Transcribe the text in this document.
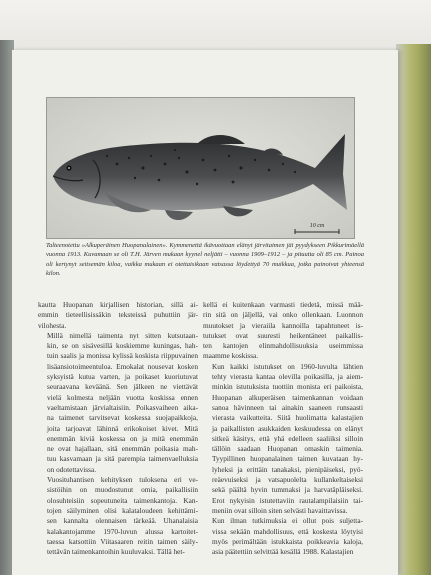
10 cm

Talteenotettu »Alkuperäinen Huopanalainen». Kymmenettä ikävuottaan elänyt järvitaimen jäi pyydykseen Pikkurimäellä vuonna 1913. Kuvamaan se oli T.H. Järven mukaan kyynel neljätti – vuonna 1909–1912 – ja pituutta oli 85 cm. Painoa oli kertynyt seitsemän kiloa, vaikka mukaan ei otettaisikaan vatsassa löydettyä 70 muikkua, jotka painoivat yhteensä kilon.

kautta Huopanan kirjallisen historian, sillä ai-
emmin tieteellisissäkin teksteissä puhuttiin jär-
vilohesta.

Millä nimellä taimenta nyt sitten kutsutaan-
kin, se on sisävesillä koskiemme kuningas, hah-
tuin saalis ja monissa kylissä koskista riippuvainen
lisäansiotoimeentuloa. Emokalat nousevat kosken
syksyistä kutua varten, ja poikaset kuoriutuvat
seuraavana keväänä. Sen jälkeen ne viettävät
vielä kolmesta neljään vuotta koskissa ennen
vaeltamistaan järvialtaisiin. Poikasvaiheen aika-
na taimenet tarvitsevat koskessa suojapaikkoja,
joita tarjoavat lähinnä erikokoiset kivet. Mitä
enemmän kiviä koskessa on ja mitä enemmän
ne ovat hajallaan, sitä enemmän poikasia mah-
tuu kasvamaan ja sitä parempia taimenvaelluksia
on odotettavissa.

Vuosituhantisen kehityksen tuloksena eri ve-
sistöihin on muodostunut omia, paikallisiin
olosuhteisiin sopeutuneita taimenkantoja. Kan-
tojen säilyminen olisi kalataloudeen kehittämi-
sen kannalta olennaisen tärkeää. Uhanalaisia
kalakantojamme 1970-luvun alussa kartoitet-
taessa katsottiin Viitasaaren reitin taimen säily-
tettävän taimenkantoihin kuuluvaksi. Tällä het-

kellä ei kuitenkaan varmasti tiedetä, missä mää-
rin sitä on jäljellä, vai onko ollenkaan. Luonnon
muutokset ja vieraiila kannoilla tapahtuneet is-
tutukset ovat suuresti heikentäneet paikallis-
ten kantojen elinmahdollisuuksia useimmissa
maamme koskissa.

Kun kaikki istutukset on 1960-luvulta lähtien
tehty vierasta kantaa olevilla poikasilla, ja aiem-
minkin istutuksista tuottiin monista eri paikoista,
Huopanan alkuperäisen taimenkannan voidaan
sanoa hävinneen tai ainakin saaneen runsaasti
vierasta vaikutteita. Siitä huolimatta kalastajien
ja paikallisten asukkaiden keskuudessa on elänyt
sitkeä käsitys, että yhä edelleen saaliiksi silloin
tällöin saadaan Huopanan omaskin taimenia.
Tyypillinen huopanalainen taimen kuvataan hy-
lyheksi ja erittäin tanakaksi, pienipäiseksi, pyö-
reäevuiseksi ja vatsapuolelta kullankeltaiseksi
sekä päältä hyvin tummaksi ja harvatäpläiseksi.
Erot nykyisin istutettaviin rautalampilaisiin tai-
meniin ovat silloin siten selvästi havaittavissa.

Kun ilman tutkimuksia ei ollut pois suljetta-
vissa sekään mahdollisuus, että koskesta löytyisi
myös perimältään istukkaista poikkeavia kaloja,
asia päätettiin selvittää kesällä 1988. Kalastajien
